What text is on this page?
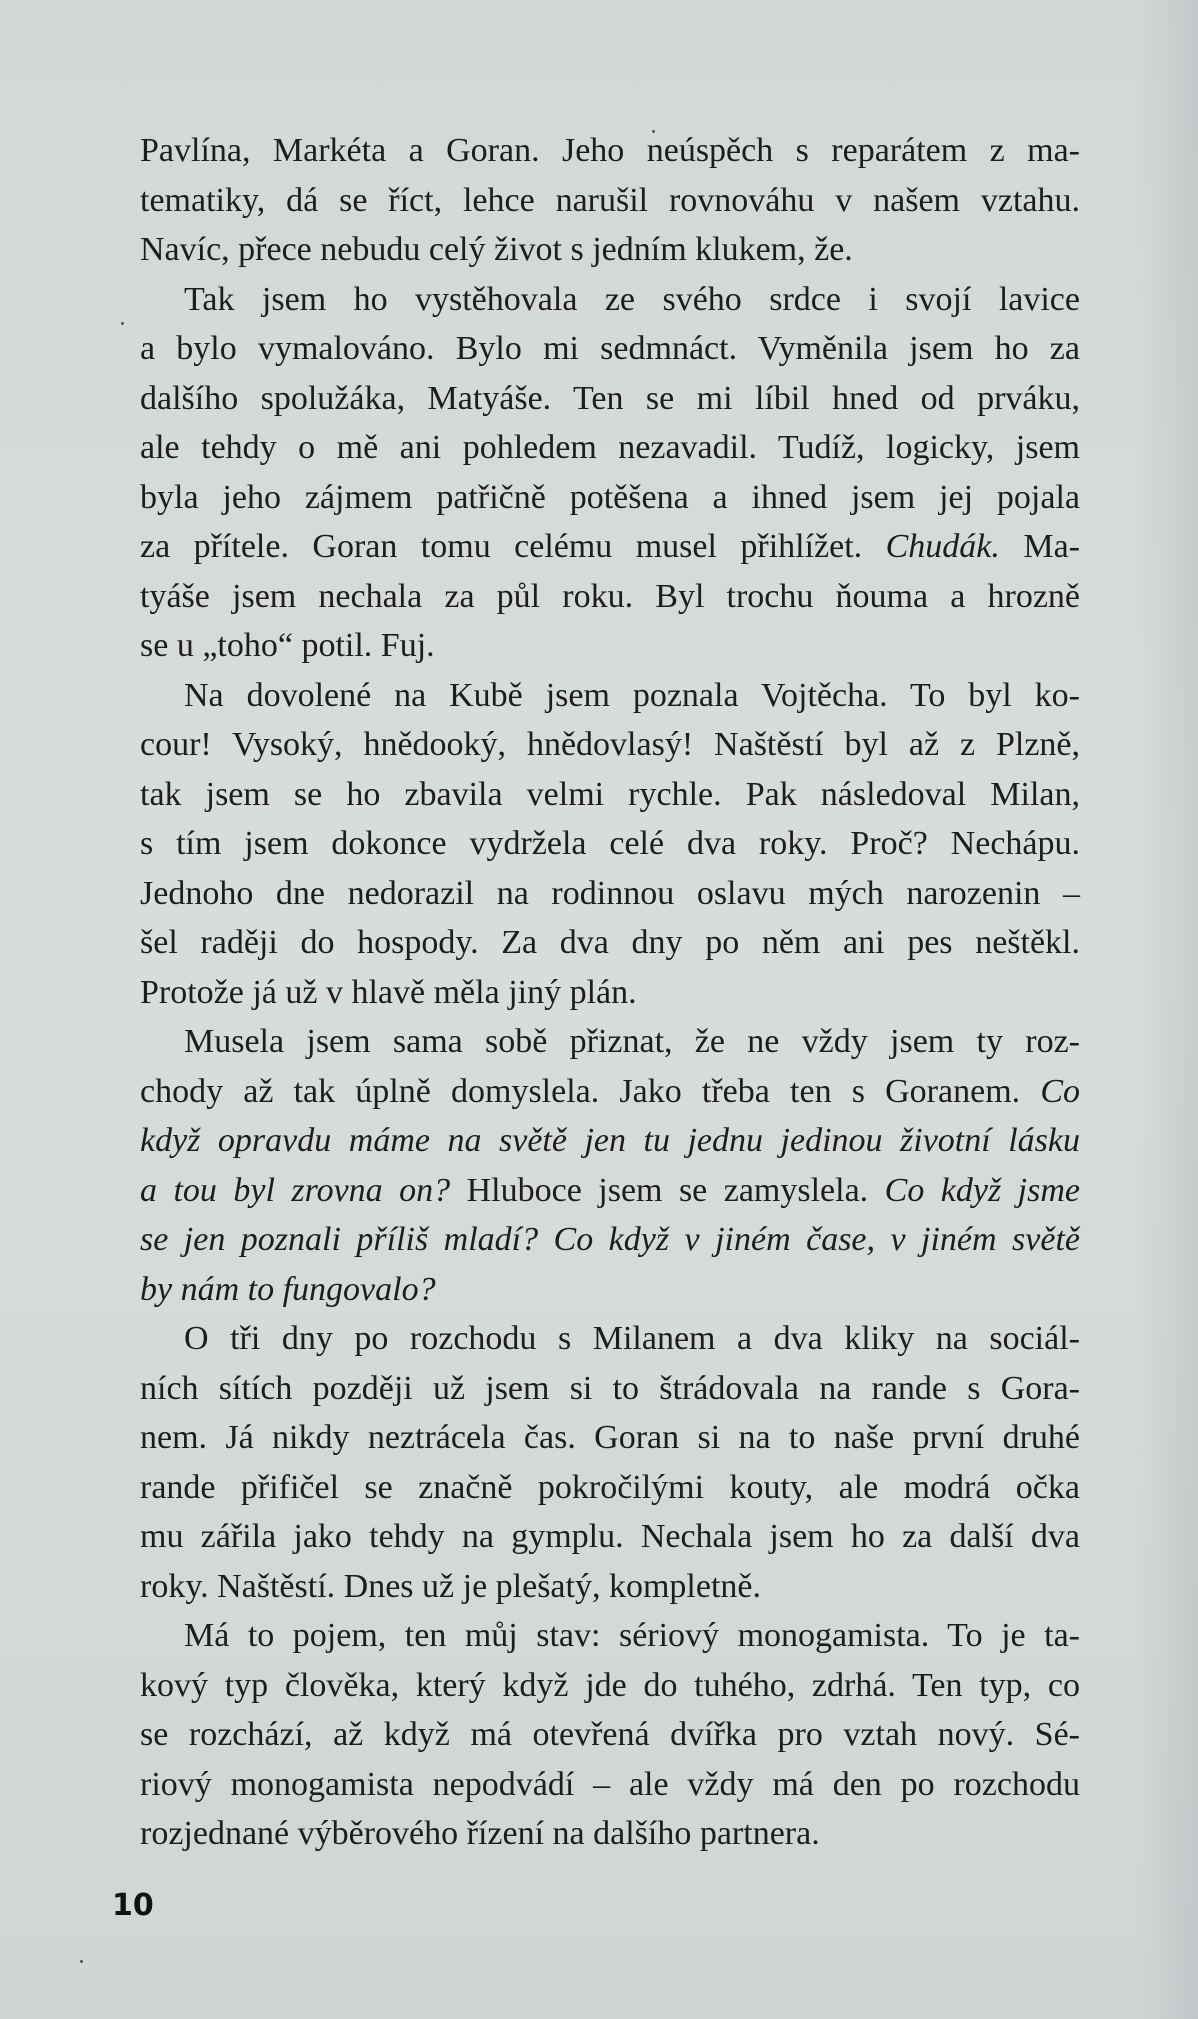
Pavlína, Markéta a Goran. Jeho neúspěch s reparátem z ma-
tematiky, dá se říct, lehce narušil rovnováhu v našem vztahu.
Navíc, přece nebudu celý život s jedním klukem, že.
Tak jsem ho vystěhovala ze svého srdce i svojí lavice
a bylo vymalováno. Bylo mi sedmnáct. Vyměnila jsem ho za
dalšího spolužáka, Matyáše. Ten se mi líbil hned od prváku,
ale tehdy o mě ani pohledem nezavadil. Tudíž, logicky, jsem
byla jeho zájmem patřičně potěšena a ihned jsem jej pojala
za přítele. Goran tomu celému musel přihlížet. Chudák. Ma-
tyáše jsem nechala za půl roku. Byl trochu ňouma a hrozně
se u „toho“ potil. Fuj.
Na dovolené na Kubě jsem poznala Vojtěcha. To byl ko-
cour! Vysoký, hnědooký, hnědovlasý! Naštěstí byl až z Plzně,
tak jsem se ho zbavila velmi rychle. Pak následoval Milan,
s tím jsem dokonce vydržela celé dva roky. Proč? Nechápu.
Jednoho dne nedorazil na rodinnou oslavu mých narozenin –
šel raději do hospody. Za dva dny po něm ani pes neštěkl.
Protože já už v hlavě měla jiný plán.
Musela jsem sama sobě přiznat, že ne vždy jsem ty roz-
chody až tak úplně domyslela. Jako třeba ten s Goranem. Co
když opravdu máme na světě jen tu jednu jedinou životní lásku
a tou byl zrovna on? Hluboce jsem se zamyslela. Co když jsme
se jen poznali příliš mladí? Co když v jiném čase, v jiném světě
by nám to fungovalo?
O tři dny po rozchodu s Milanem a dva kliky na sociál-
ních sítích později už jsem si to štrádovala na rande s Gora-
nem. Já nikdy neztrácela čas. Goran si na to naše první druhé
rande přifičel se značně pokročilými kouty, ale modrá očka
mu zářila jako tehdy na gymplu. Nechala jsem ho za další dva
roky. Naštěstí. Dnes už je plešatý, kompletně.
Má to pojem, ten můj stav: sériový monogamista. To je ta-
kový typ člověka, který když jde do tuhého, zdrhá. Ten typ, co
se rozchází, až když má otevřená dvířka pro vztah nový. Sé-
riový monogamista nepodvádí – ale vždy má den po rozchodu
rozjednané výběrového řízení na dalšího partnera.
10
